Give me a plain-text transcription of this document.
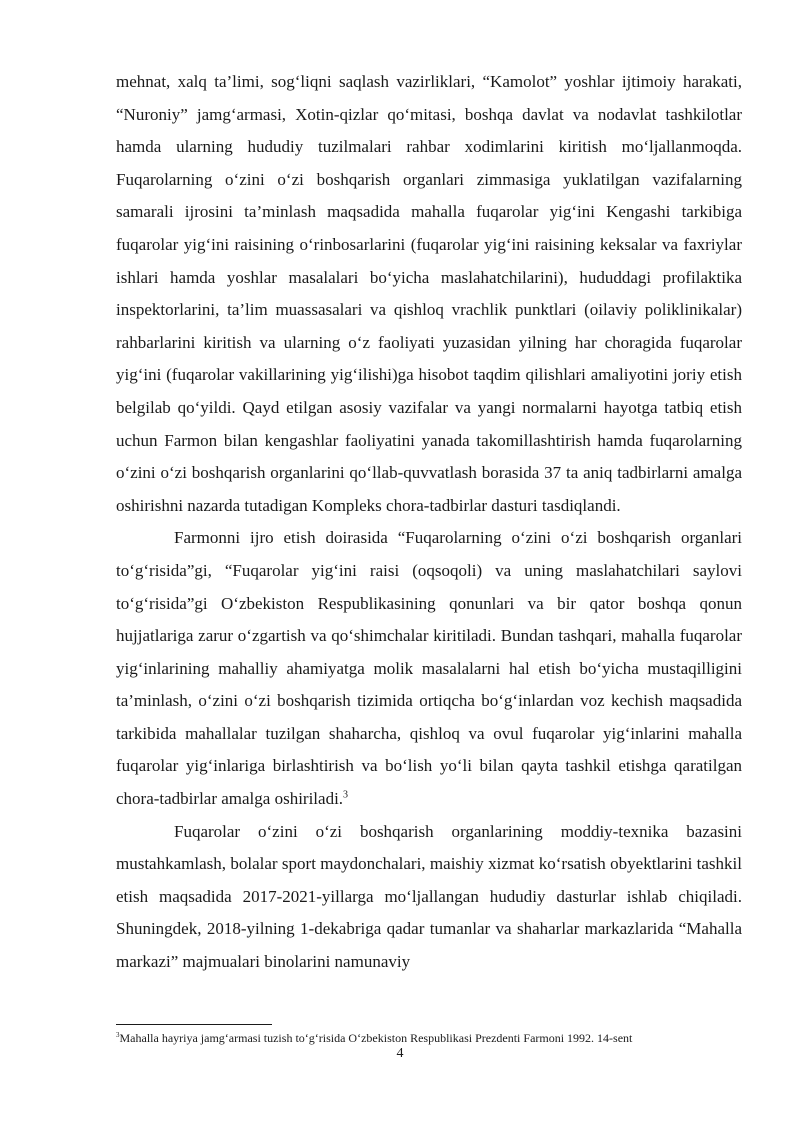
mehnat, xalq ta’limi, sog‘liqni saqlash vazirliklari, “Kamolot” yoshlar ijtimoiy harakati, “Nuroniy” jamg‘armasi, Xotin-qizlar qo‘mitasi, boshqa davlat va nodavlat tashkilotlar hamda ularning hududiy tuzilmalari rahbar xodimlarini kiritish mo‘ljallanmoqda. Fuqarolarning o‘zini o‘zi boshqarish organlari zimmasiga yuklatilgan vazifalarning samarali ijrosini ta’minlash maqsadida mahalla fuqarolar yig‘ini Kengashi tarkibiga fuqarolar yig‘ini raisining o‘rinbosarlarini (fuqarolar yig‘ini raisining keksalar va faxriylar ishlari hamda yoshlar masalalari bo‘yicha maslahatchilarini), hududdagi profilaktika inspektorlarini, ta’lim muassasalari va qishloq vrachlik punktlari (oilaviy poliklinikalar) rahbarlarini kiritish va ularning o‘z faoliyati yuzasidan yilning har choragida fuqarolar yig‘ini (fuqarolar vakillarining yig‘ilishi)ga hisobot taqdim qilishlari amaliyotini joriy etish belgilab qo‘yildi. Qayd etilgan asosiy vazifalar va yangi normalarni hayotga tatbiq etish uchun Farmon bilan kengashlar faoliyatini yanada takomillashtirish hamda fuqarolarning o‘zini o‘zi boshqarish organlarini qo‘llab-quvvatlash borasida 37 ta aniq tadbirlarni amalga oshirishni nazarda tutadigan Kompleks chora-tadbirlar dasturi tasdiqlandi.

Farmonni ijro etish doirasida “Fuqarolarning o‘zini o‘zi boshqarish organlari to‘g‘risida”gi, “Fuqarolar yig‘ini raisi (oqsoqoli) va uning maslahatchilari saylovi to‘g‘risida”gi O‘zbekiston Respublikasining qonunlari va bir qator boshqa qonun hujjatlariga zarur o‘zgartish va qo‘shimchalar kiritiladi. Bundan tashqari, mahalla fuqarolar yig‘inlarining mahalliy ahamiyatga molik masalalarni hal etish bo‘yicha mustaqilligini ta’minlash, o‘zini o‘zi boshqarish tizimida ortiqcha bo‘g‘inlardan voz kechish maqsadida tarkibida mahallalar tuzilgan shaharcha, qishloq va ovul fuqarolar yig‘inlarini mahalla fuqarolar yig‘inlariga birlashtirish va bo‘lish yo‘li bilan qayta tashkil etishga qaratilgan chora-tadbirlar amalga oshiriladi.$^3$

Fuqarolar o‘zini o‘zi boshqarish organlarining moddiy-texnika bazasini mustahkamlash, bolalar sport maydonchalari, maishiy xizmat ko‘rsatish obyektlarini tashkil etish maqsadida 2017-2021-yillarga mo‘ljallangan hududiy dasturlar ishlab chiqiladi. Shuningdek, 2018-yilning 1-dekabriga qadar tumanlar va shaharlar markazlarida “Mahalla markazi” majmualari binolarini namunaviy

$^3$Mahalla hayriya jamg‘armasi tuzish to‘g‘risida O‘zbekiston Respublikasi Prezdenti Farmoni 1992. 14-sent
4
